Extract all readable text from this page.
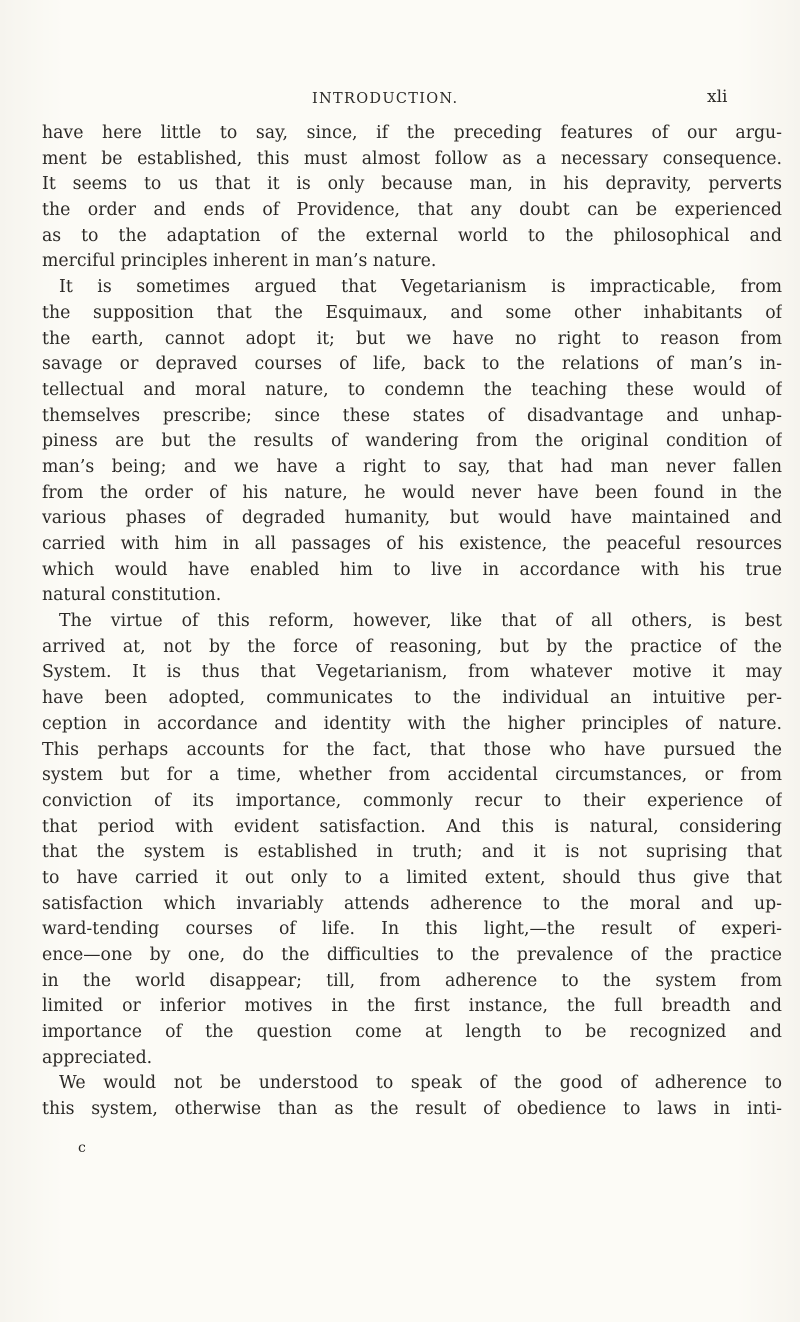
INTRODUCTION.	xli
have here little to say, since, if the preceding features of our argu-
ment be established, this must almost follow as a necessary consequence.
It seems to us that it is only because man, in his depravity, perverts
the order and ends of Providence, that any doubt can be experienced
as to the adaptation of the external world to the philosophical and
merciful principles inherent in man’s nature.
It is sometimes argued that Vegetarianism is impracticable, from
the supposition that the Esquimaux, and some other inhabitants of
the earth, cannot adopt it; but we have no right to reason from
savage or depraved courses of life, back to the relations of man’s in-
tellectual and moral nature, to condemn the teaching these would of
themselves prescribe; since these states of disadvantage and unhap-
piness are but the results of wandering from the original condition of
man’s being; and we have a right to say, that had man never fallen
from the order of his nature, he would never have been found in the
various phases of degraded humanity, but would have maintained and
carried with him in all passages of his existence, the peaceful resources
which would have enabled him to live in accordance with his true
natural constitution.
The virtue of this reform, however, like that of all others, is best
arrived at, not by the force of reasoning, but by the practice of the
System. It is thus that Vegetarianism, from whatever motive it may
have been adopted, communicates to the individual an intuitive per-
ception in accordance and identity with the higher principles of nature.
This perhaps accounts for the fact, that those who have pursued the
system but for a time, whether from accidental circumstances, or from
conviction of its importance, commonly recur to their experience of
that period with evident satisfaction. And this is natural, considering
that the system is established in truth; and it is not suprising that
to have carried it out only to a limited extent, should thus give that
satisfaction which invariably attends adherence to the moral and up-
ward-tending courses of life. In this light,—the result of experi-
ence—one by one, do the difficulties to the prevalence of the practice
in the world disappear; till, from adherence to the system from
limited or inferior motives in the first instance, the full breadth and
importance of the question come at length to be recognized and
appreciated.
We would not be understood to speak of the good of adherence to
this system, otherwise than as the result of obedience to laws in inti-
c
